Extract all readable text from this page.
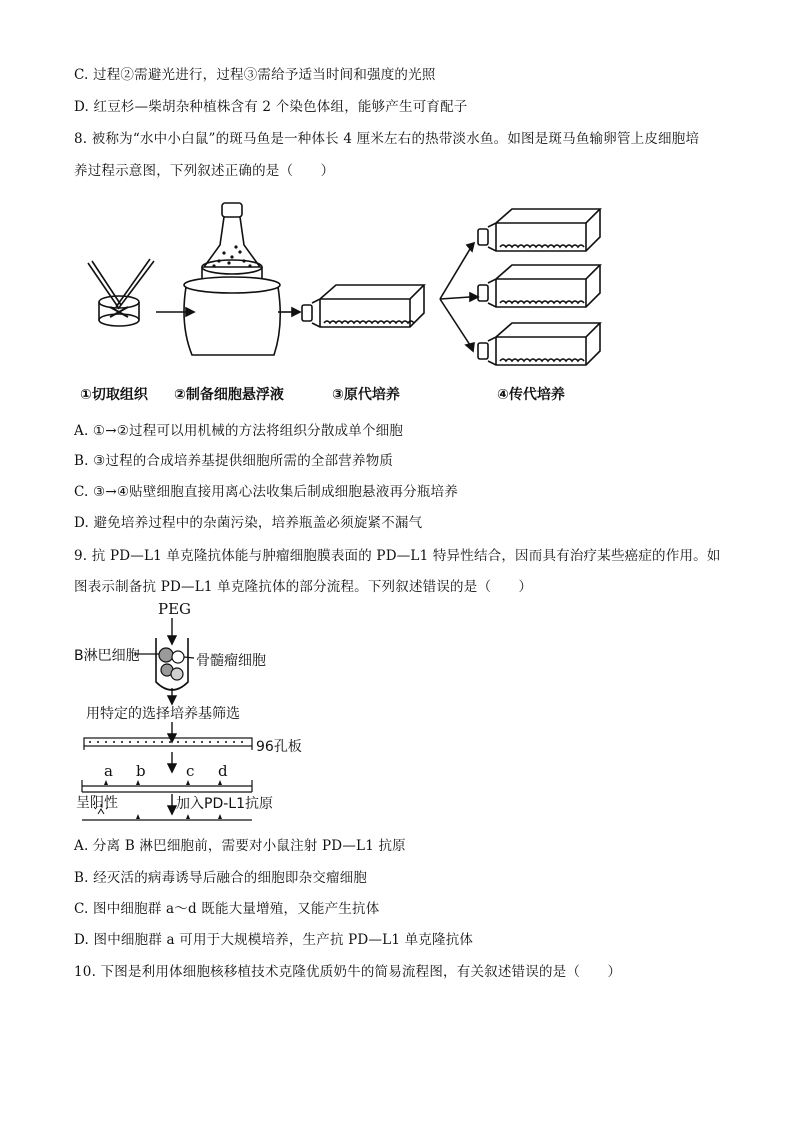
C. 过程②需避光进行，过程③需给予适当时间和强度的光照
D. 红豆杉—柴胡杂种植株含有 2 个染色体组，能够产生可育配子
8. 被称为“水中小白鼠”的斑马鱼是一种体长 4 厘米左右的热带淡水鱼。如图是斑马鱼输卵管上皮细胞培
养过程示意图，下列叙述正确的是（　　）
①切取组织 ②制备细胞悬浮液	③原代培养	④传代培养
A. ①→②过程可以用机械的方法将组织分散成单个细胞
B. ③过程的合成培养基提供细胞所需的全部营养物质
C. ③→④贴壁细胞直接用离心法收集后制成细胞悬液再分瓶培养
D. 避免培养过程中的杂菌污染，培养瓶盖必须旋紧不漏气
9. 抗 PD—L1 单克隆抗体能与肿瘤细胞膜表面的 PD—L1 特异性结合，因而具有治疗某些癌症的作用。如
图表示制备抗 PD—L1 单克隆抗体的部分流程。下列叙述错误的是（　　）
PEG
B淋巴细胞	骨髓瘤细胞
用特定的选择培养基筛选
96孔板
a b	c d
呈阳性	加入PD-L1抗原
A. 分离 B 淋巴细胞前，需要对小鼠注射 PD—L1 抗原
B. 经灭活的病毒诱导后融合的细胞即杂交瘤细胞
C. 图中细胞群 a～d 既能大量增殖，又能产生抗体
D. 图中细胞群 a 可用于大规模培养，生产抗 PD—L1 单克隆抗体
10. 下图是利用体细胞核移植技术克隆优质奶牛的简易流程图，有关叙述错误的是（　　）
